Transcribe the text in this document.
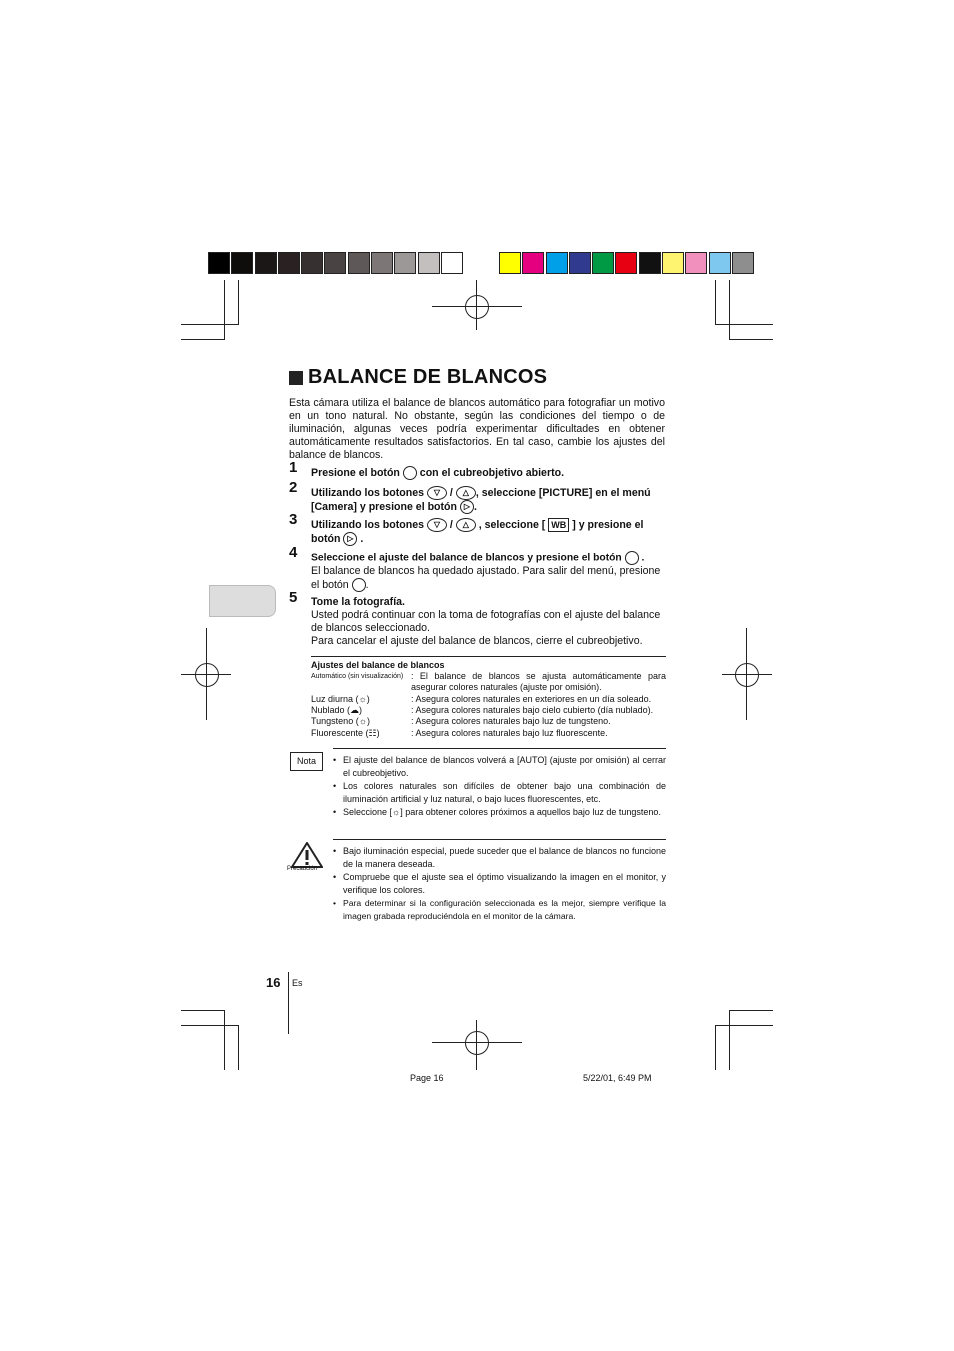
BALANCE DE BLANCOS
Esta cámara utiliza el balance de blancos automático para fotografiar un motivo en un tono natural. No obstante, según las condiciones del tiempo o de iluminación, algunas veces podría experimentar dificultades en obtener automáticamente resultados satisfactorios. En tal caso, cambie los ajustes del balance de blancos.
1 Presione el botón con el cubreobjetivo abierto.
2 Utilizando los botones ▽ / △ , seleccione [PICTURE] en el menú [Camera] y presione el botón ▷ .
3 Utilizando los botones ▽ / △ , seleccione [ WB ] y presione el botón ▷ .
4 Seleccione el ajuste del balance de blancos y presione el botón .
El balance de blancos ha quedado ajustado. Para salir del menú, presione el botón .
5 Tome la fotografía.
Usted podrá continuar con la toma de fotografías con el ajuste del balance de blancos seleccionado.
Para cancelar el ajuste del balance de blancos, cierre el cubreobjetivo.
Ajustes del balance de blancos
Automático (sin visualización) : El balance de blancos se ajusta automáticamente para asegurar colores naturales (ajuste por omisión).
Luz diurna (☼)	: Asegura colores naturales en exteriores en un día soleado.
Nublado (☁)	: Asegura colores naturales bajo cielo cubierto (día nublado).
Tungsteno (☼)	: Asegura colores naturales bajo luz de tungsteno.
Fluorescente (☷)	: Asegura colores naturales bajo luz fluorescente.
Nota
•	El ajuste del balance de blancos volverá a [AUTO] (ajuste por omisión) al cerrar el cubreobjetivo.
• Los colores naturales son difíciles de obtener bajo una combinación de iluminación artificial y luz natural, o bajo luces fluorescentes, etc.
• Seleccione [☼] para obtener colores próximos a aquellos bajo luz de tungsteno.
Precaución
• Bajo iluminación especial, puede suceder que el balance de blancos no funcione de la manera deseada.
• Compruebe que el ajuste sea el óptimo visualizando la imagen en el monitor, y verifique los colores.
• Para determinar si la configuración seleccionada es la mejor, siempre verifique la imagen grabada reproduciéndola en el monitor de la cámara.
16 Es
Page 16	5/22/01, 6:49 PM
